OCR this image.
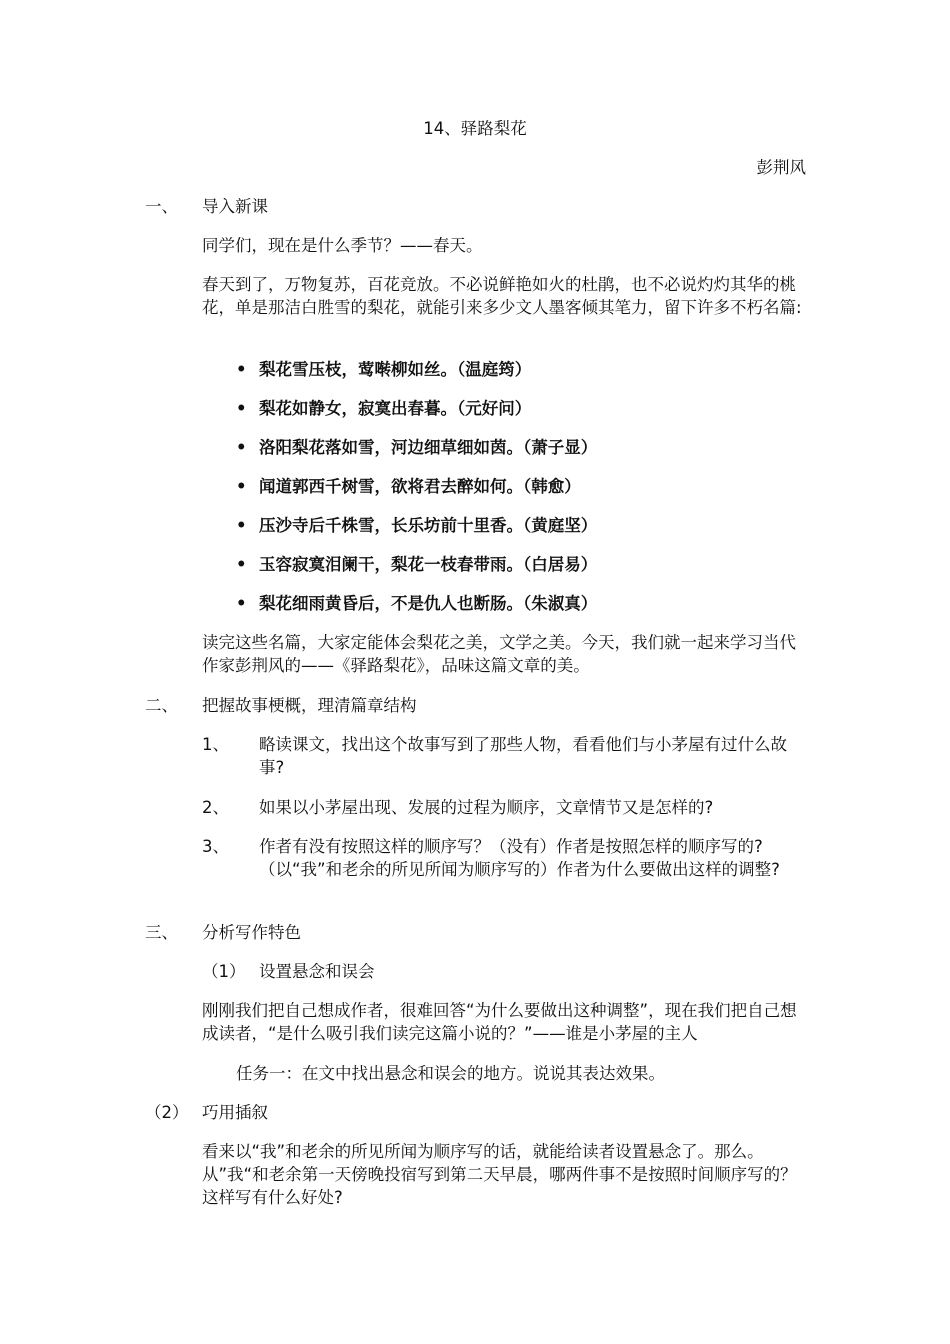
14、驿路梨花
彭荆风
一、 导入新课
同学们，现在是什么季节？——春天。
春天到了，万物复苏，百花竞放。不必说鲜艳如火的杜鹃，也不必说灼灼其华的桃花，单是那洁白胜雪的梨花，就能引来多少文人墨客倾其笔力，留下许多不朽名篇:
• 梨花雪压枝，莺啭柳如丝。（温庭筠）
• 梨花如静女，寂寞出春暮。（元好问）
• 洛阳梨花落如雪，河边细草细如茵。（萧子显）
• 闻道郭西千树雪，欲将君去醉如何。（韩愈）
• 压沙寺后千株雪，长乐坊前十里香。（黄庭坚）
• 玉容寂寞泪阑干，梨花一枝春带雨。（白居易）
• 梨花细雨黄昏后，不是仇人也断肠。（朱淑真）
读完这些名篇，大家定能体会梨花之美，文学之美。今天，我们就一起来学习当代作家彭荆风的——《驿路梨花》，品味这篇文章的美。
二、 把握故事梗概，理清篇章结构
1、 略读课文，找出这个故事写到了那些人物，看看他们与小茅屋有过什么故事?
2、 如果以小茅屋出现、发展的过程为顺序，文章情节又是怎样的?
3、 作者有没有按照这样的顺序写？（没有）作者是按照怎样的顺序写的?（以“我”和老余的所见所闻为顺序写的）作者为什么要做出这样的调整?
三、 分析写作特色
（1） 设置悬念和误会
刚刚我们把自己想成作者，很难回答“为什么要做出这种调整”，现在我们把自己想成读者，“是什么吸引我们读完这篇小说的？”——谁是小茅屋的主人
任务一：在文中找出悬念和误会的地方。说说其表达效果。
（2） 巧用插叙
看来以“我”和老余的所见所闻为顺序写的话，就能给读者设置悬念了。那么。从”我“和老余第一天傍晚投宿写到第二天早晨，哪两件事不是按照时间顺序写的？这样写有什么好处?
